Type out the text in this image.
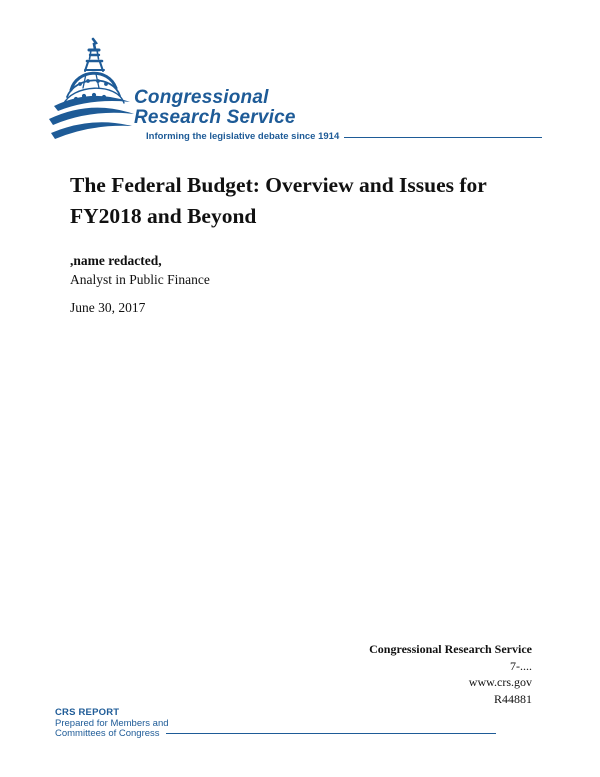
Congressional
Research Service
Informing the legislative debate since 1914
The Federal Budget: Overview and Issues for
FY2018 and Beyond
,name redacted,
Analyst in Public Finance
June 30, 2017
Congressional Research Service
7-....
www.crs.gov
R44881
CRS REPORT
Prepared for Members and
Committees of Congress
